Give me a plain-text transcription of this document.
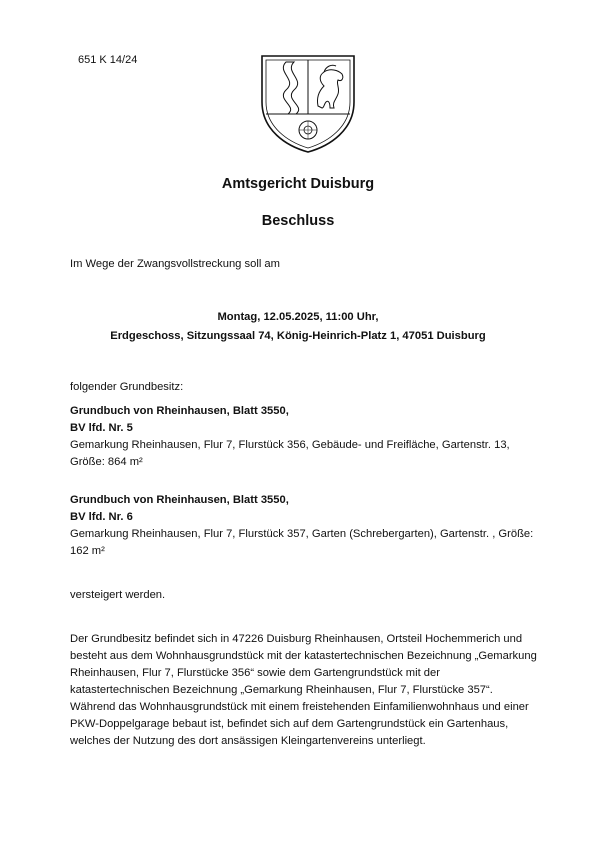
651 K 14/24
Amtsgericht Duisburg
Beschluss
Im Wege der Zwangsvollstreckung soll am
Montag, 12.05.2025, 11:00 Uhr,
Erdgeschoss, Sitzungssaal 74, König-Heinrich-Platz 1, 47051 Duisburg
folgender Grundbesitz:
Grundbuch von Rheinhausen, Blatt 3550,
BV lfd. Nr. 5
Gemarkung Rheinhausen, Flur 7, Flurstück 356, Gebäude- und Freifläche, Gartenstr. 13, Größe: 864 m²
Grundbuch von Rheinhausen, Blatt 3550,
BV lfd. Nr. 6
Gemarkung Rheinhausen, Flur 7, Flurstück 357, Garten (Schrebergarten), Gartenstr. , Größe: 162 m²
versteigert werden.
Der Grundbesitz befindet sich in 47226 Duisburg Rheinhausen, Ortsteil Hochemmerich und besteht aus dem Wohnhausgrundstück mit der katastertechnischen Bezeichnung „Gemarkung Rheinhausen, Flur 7, Flurstücke 356“ sowie dem Gartengrundstück mit der katastertechnischen Bezeichnung „Gemarkung Rheinhausen, Flur 7, Flurstücke 357“. Während das Wohnhausgrundstück mit einem freistehenden Einfamilienwohnhaus und einer PKW-Doppelgarage bebaut ist, befindet sich auf dem Gartengrundstück ein Gartenhaus, welches der Nutzung des dort ansässigen Kleingartenvereins unterliegt.
